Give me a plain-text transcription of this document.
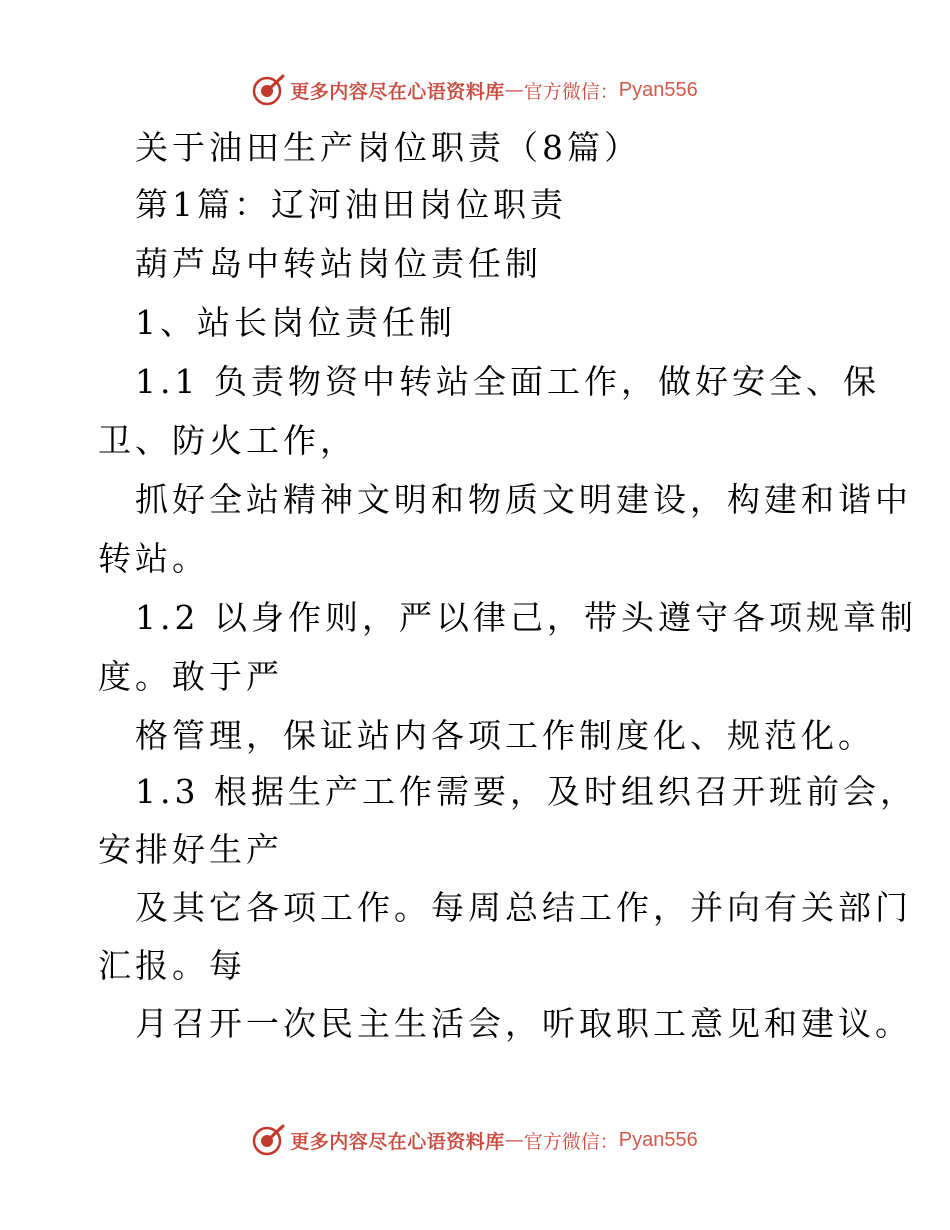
更多内容尽在心语资料库 — 官方微信： Pyan556
关于油田生产岗位职责（8篇）
第1篇：辽河油田岗位职责
葫芦岛中转站岗位责任制
1、站长岗位责任制
1.1 负责物资中转站全面工作，做好安全、保
卫、防火工作，
抓好全站精神文明和物质文明建设，构建和谐中
转站。
1.2 以身作则，严以律己，带头遵守各项规章制
度。敢于严
格管理，保证站内各项工作制度化、规范化。
1.3 根据生产工作需要，及时组织召开班前会，
安排好生产
及其它各项工作。每周总结工作，并向有关部门
汇报。每
月召开一次民主生活会，听取职工意见和建议。
更多内容尽在心语资料库 — 官方微信： Pyan556
